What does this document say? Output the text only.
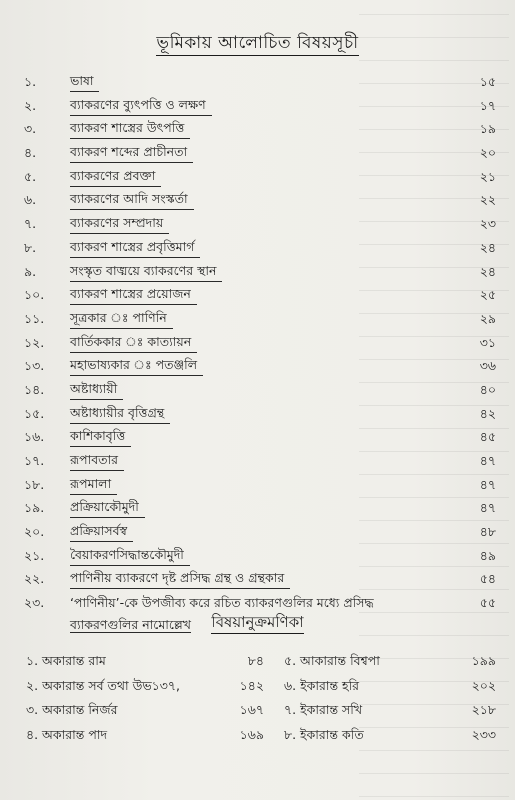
ভূমিকায় আলোচিত বিষয়সূচী
১.	ভাষা	১৫
২.	ব্যাকরণের ব্যুৎপত্তি ও লক্ষণ	১৭
৩.	ব্যাকরণ শাস্ত্রের উৎপত্তি	১৯
৪.	ব্যাকরণ শব্দের প্রাচীনতা	২০
৫.	ব্যাকরণের প্রবক্তা	২১
৬.	ব্যাকরণের আদি সংস্কর্তা	২২
৭.	ব্যাকরণের সম্প্রদায়	২৩
৮.	ব্যাকরণ শাস্ত্রের প্রবৃত্তিমার্গ	২৪
৯.	সংস্কৃত বাঙ্ময়ে ব্যাকরণের স্থান	২৪
১০.	ব্যাকরণ শাস্ত্রের প্রয়োজন	২৫
১১.	সূত্রকার ঃ পাণিনি	২৯
১২.	বার্তিককার ঃ কাত্যায়ন	৩১
১৩.	মহাভাষ্যকার ঃ পতঞ্জলি	৩৬
১৪.	অষ্টাধ্যায়ী	৪০
১৫.	অষ্টাধ্যায়ীর বৃত্তিগ্রন্থ	৪২
১৬.	কাশিকাবৃত্তি	৪৫
১৭.	রূপাবতার	৪৭
১৮.	রূপমালা	৪৭
১৯.	প্রক্রিয়াকৌমুদী	৪৭
২০.	প্রক্রিয়াসর্বস্ব	৪৮
২১.	বৈয়াকরণসিদ্ধান্তকৌমুদী	৪৯
২২.	পাণিনীয় ব্যাকরণে দৃষ্ট প্রসিদ্ধ গ্রন্থ ও গ্রন্থকার	৫৪
২৩.	‘পাণিনীয়’-কে উপজীব্য করে রচিত ব্যাকরণগুলির মধ্যে প্রসিদ্ধ
ব্যাকরণগুলির নামোল্লেখ
৫৫
বিষয়ানুক্রমণিকা
১. অকারান্ত রাম	৮৪ ৫. আকারান্ত বিশ্বপা	১৯৯
২. অকারান্ত সর্ব তথা উভ১৩৭,	১৪২ ৬. ইকারান্ত হরি	২০২
৩. অকারান্ত নির্জর	১৬৭ ৭. ইকারান্ত সখি	২১৮
৪. অকারান্ত পাদ	১৬৯ ৮. ইকারান্ত কতি	২৩৩
